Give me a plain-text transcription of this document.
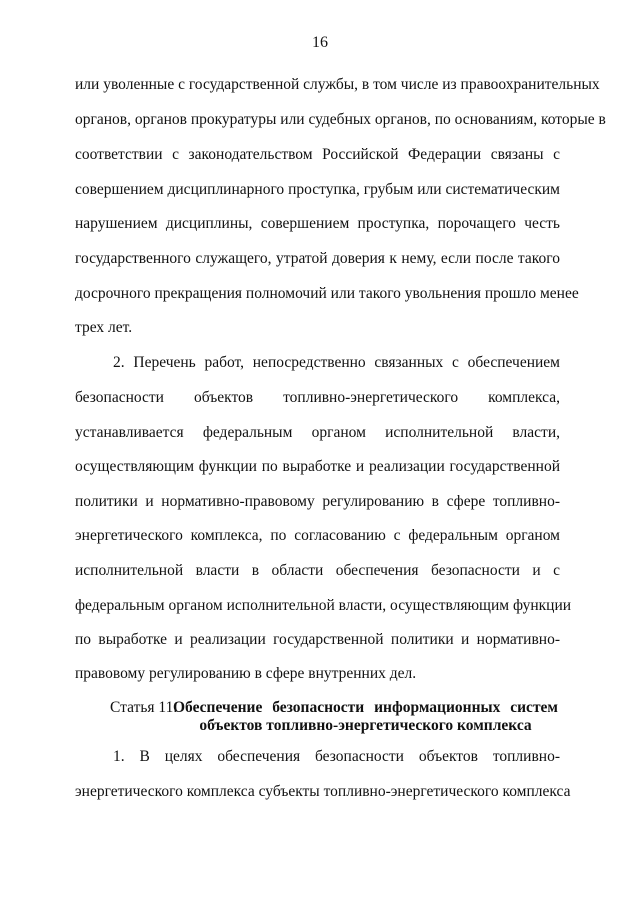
16
или уволенные с государственной службы, в том числе из правоохранительных
органов, органов прокуратуры или судебных органов, по основаниям, которые в
соответствии с законодательством Российской Федерации связаны с
совершением дисциплинарного проступка, грубым или систематическим
нарушением дисциплины, совершением проступка, порочащего честь
государственного служащего, утратой доверия к нему, если после такого
досрочного прекращения полномочий или такого увольнения прошло менее
трех лет.
2. Перечень работ, непосредственно связанных с обеспечением
безопасности объектов топливно-энергетического комплекса,
устанавливается федеральным органом исполнительной власти,
осуществляющим функции по выработке и реализации государственной
политики и нормативно-правовому регулированию в сфере топливно-
энергетического комплекса, по согласованию с федеральным органом
исполнительной власти в области обеспечения безопасности и с
федеральным органом исполнительной власти, осуществляющим функции
по выработке и реализации государственной политики и нормативно-
правовому регулированию в сфере внутренних дел.
Статья 11.
Обеспечение безопасности информационных систем
объектов топливно-энергетического комплекса
1. В целях обеспечения безопасности объектов топливно-
энергетического комплекса субъекты топливно-энергетического комплекса
